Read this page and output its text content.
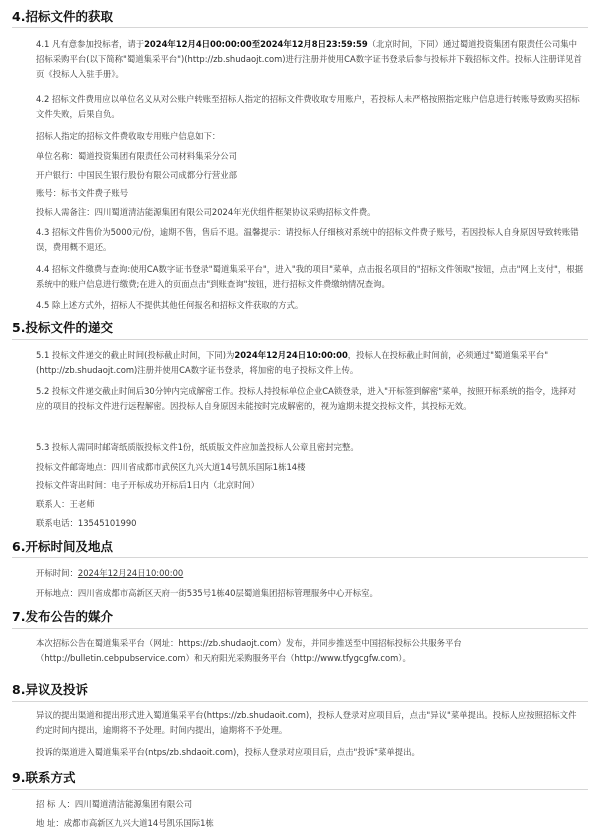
4.招标文件的获取
4.1 凡有意参加投标者，请于2024年12月4日00:00:00至2024年12月8日23:59:59（北京时间，下同）通过蜀道投资集团有限责任公司集中招标采购平台(以下简称"蜀道集采平台")(http://zb.shudaojt.com)进行注册并使用CA数字证书登录后参与投标并下载招标文件。投标人注册详见首页《投标人入驻手册》。
4.2 招标文件费用应以单位名义从对公账户转账至招标人指定的招标文件费收取专用账户，若投标人未严格按照指定账户信息进行转账导致购买招标文件失败，后果自负。
招标人指定的招标文件费收取专用账户信息如下：
单位名称：蜀道投资集团有限责任公司材料集采分公司
开户银行：中国民生银行股份有限公司成都分行营业部
账号：标书文件费子账号
投标人需备注：四川蜀道清洁能源集团有限公司2024年光伏组件框架协议采购招标文件费。
4.3 招标文件售价为5000元/份，逾期不售，售后不退。温馨提示：请投标人仔细核对系统中的招标文件费子账号，若因投标人自身原因导致转账错误，费用概不退还。
4.4 招标文件缴费与查询:使用CA数字证书登录"蜀道集采平台"，进入"我的项目"菜单，点击报名项目的"招标文件领取"按钮，点击"网上支付"，根据系统中的账户信息进行缴费;在进入的页面点击"到账查询"按钮，进行招标文件费缴纳情况查询。
4.5 除上述方式外，招标人不提供其他任何报名和招标文件获取的方式。
5.投标文件的递交
5.1 投标文件递交的截止时间(投标截止时间，下同)为2024年12月24日10:00:00，投标人在投标截止时间前，必须通过"蜀道集采平台"(http://zb.shudaojt.com)注册并使用CA数字证书登录，将加密的电子投标文件上传。
5.2 投标文件递交截止时间后30分钟内完成解密工作。投标人持投标单位企业CA锁登录，进入"开标签到解密"菜单，按照开标系统的指令，选择对应的项目的投标文件进行远程解密。因投标人自身原因未能按时完成解密的，视为逾期未提交投标文件，其投标无效。
5.3 投标人需同时邮寄纸质版投标文件1份，纸质版文件应加盖投标人公章且密封完整。
投标文件邮寄地点：四川省成都市武侯区九兴大道14号凯乐国际1栋14楼
投标文件寄出时间：电子开标成功开标后1日内（北京时间）
联系人：王老师
联系电话：13545101990
6.开标时间及地点
开标时间：2024年12月24日10:00:00
开标地点：四川省成都市高新区天府一街535号1栋40层蜀道集团招标管理服务中心开标室。
7.发布公告的媒介
本次招标公告在蜀道集采平台（网址：https://zb.shudaojt.com）发布，并同步推送至中国招标投标公共服务平台（http://bulletin.cebpubservice.com）和天府阳光采购服务平台（http://www.tfygcgfw.com）。
8.异议及投诉
异议的提出渠道和提出形式进入蜀道集采平台(https://zb.shudaoit.com)，投标人登录对应项目后，点击"异议"菜单提出。投标人应按照招标文件约定时间内提出，逾期将不予处理。时间内提出，逾期将不予处理。
投诉的渠道进入蜀道集采平台(ntps/zb.shdaoit.com)，投标人登录对应项目后，点击"投诉"菜单提出。
9.联系方式
招 标 人：四川蜀道清洁能源集团有限公司
地 址：成都市高新区九兴大道14号凯乐国际1栋
